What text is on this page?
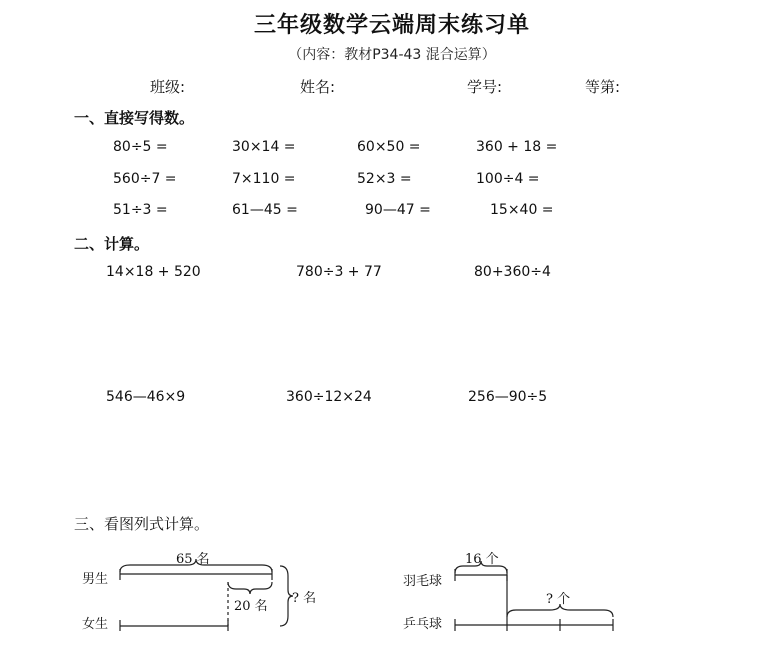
三年级数学云端周末练习单
（内容：教材P34-43 混合运算）
班级:	姓名:	学号:	等第:
一、直接写得数。
80÷5 =	30×14 =	60×50 =	360 + 18 =
560÷7 =	7×110 =	52×3 =	100÷4 =
51÷3 =	61—45 =	90—47 =	15×40 =
二、计算。
14×18 + 520	780÷3 + 77	80+360÷4
546—46×9	360÷12×24	256—90÷5
三、看图列式计算。
65 名
男生
女生
20 名
? 名
16 个
羽毛球
乒乓球
? 个
